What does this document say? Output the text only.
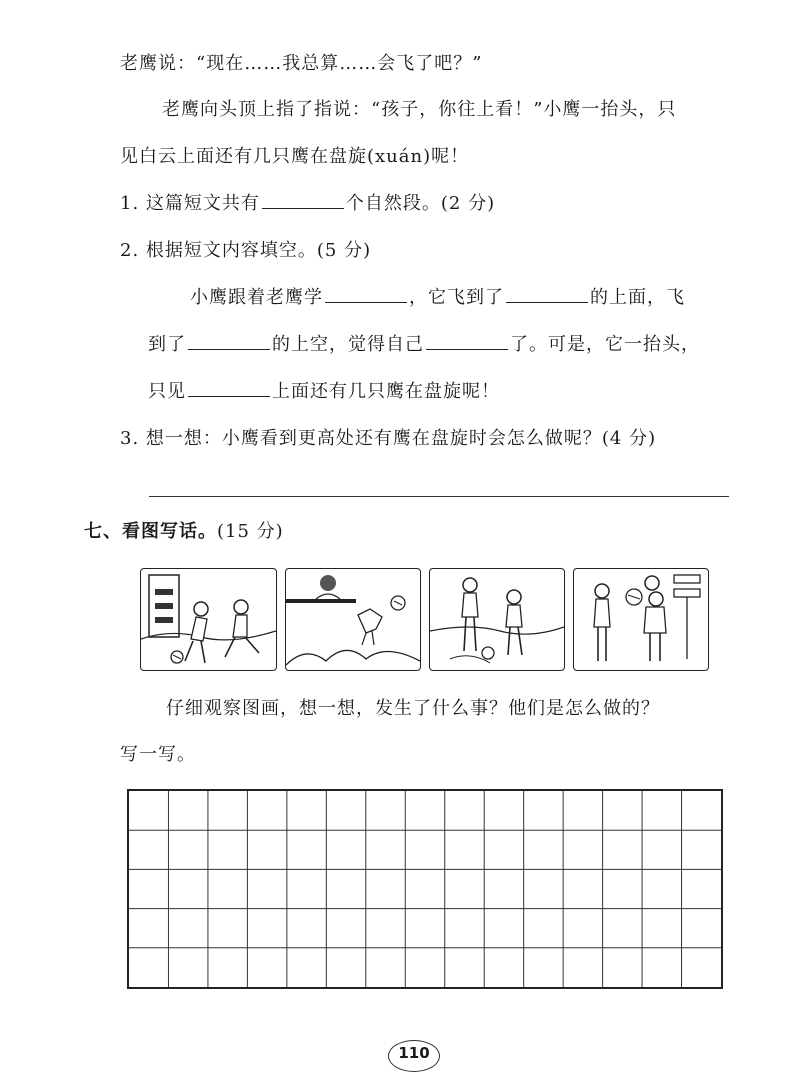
老鹰说：“现在……我总算……会飞了吧？”
老鹰向头顶上指了指说：“孩子，你往上看！”小鹰一抬头，只
见白云上面还有几只鹰在盘旋(xuán)呢！
1. 这篇短文共有	个自然段。(2 分)
2. 根据短文内容填空。(5 分)
小鹰跟着老鹰学	，它飞到了	的上面，飞
到了	的上空，觉得自己	了。可是，它一抬头，
只见	上面还有几只鹰在盘旋呢！
3. 想一想：小鹰看到更高处还有鹰在盘旋时会怎么做呢？(4 分)
七、看图写话。(15 分)
仔细观察图画，想一想，发生了什么事？他们是怎么做的？
写一写。
110
